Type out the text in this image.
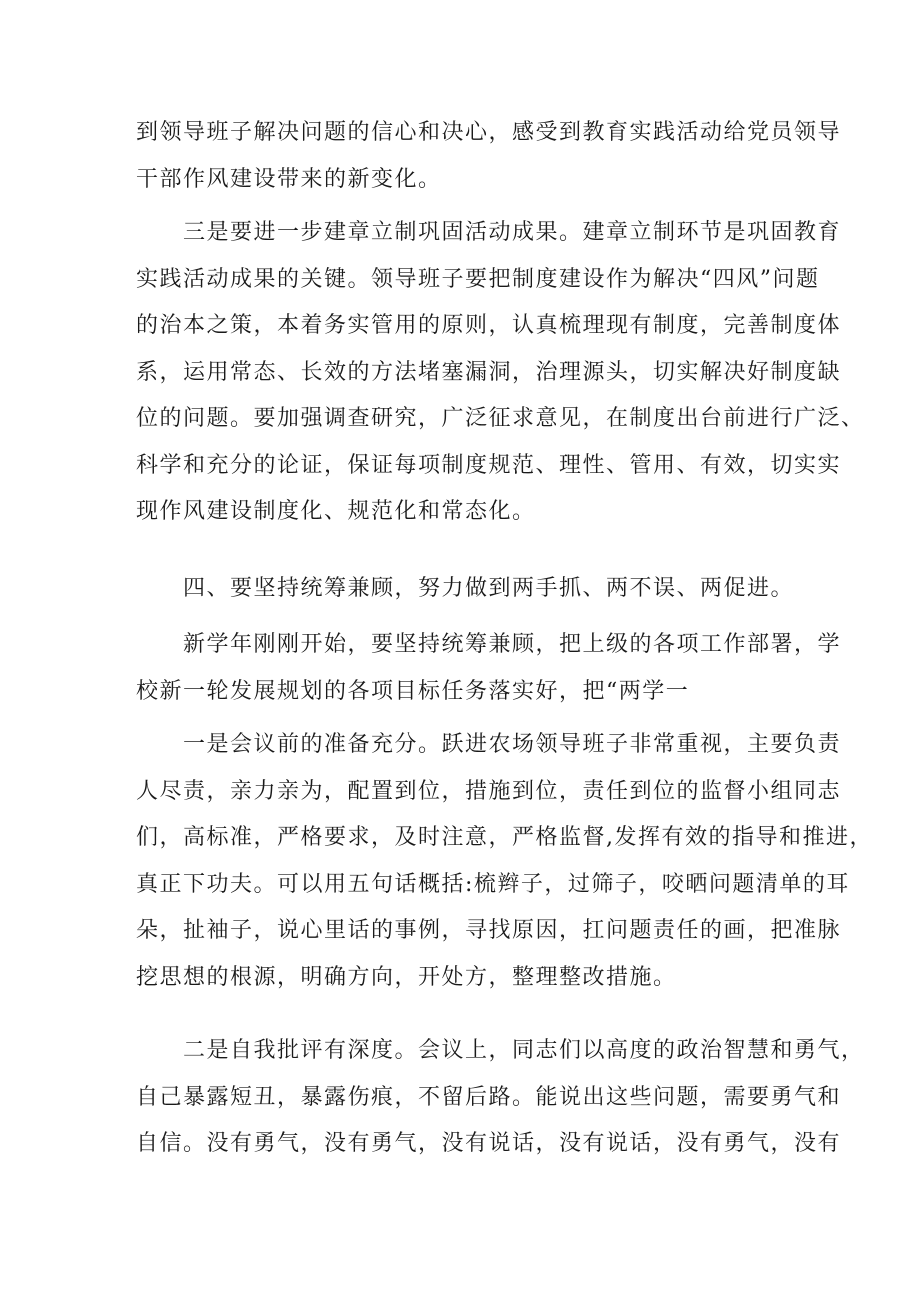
到领导班子解决问题的信心和决心，感受到教育实践活动给党员领导
干部作风建设带来的新变化。
　　三是要进一步建章立制巩固活动成果。建章立制环节是巩固教育
实践活动成果的关键。领导班子要把制度建设作为解决“四风”问题
的治本之策，本着务实管用的原则，认真梳理现有制度，完善制度体
系，运用常态、长效的方法堵塞漏洞，治理源头，切实解决好制度缺
位的问题。要加强调查研究，广泛征求意见，在制度出台前进行广泛、
科学和充分的论证，保证每项制度规范、理性、管用、有效，切实实
现作风建设制度化、规范化和常态化。
　　四、要坚持统筹兼顾，努力做到两手抓、两不误、两促进。
　　新学年刚刚开始，要坚持统筹兼顾，把上级的各项工作部署，学
校新一轮发展规划的各项目标任务落实好，把“两学一
　　一是会议前的准备充分。跃进农场领导班子非常重视，主要负责
人尽责，亲力亲为，配置到位，措施到位，责任到位的监督小组同志
们，高标准，严格要求，及时注意，严格监督,发挥有效的指导和推进，
真正下功夫。可以用五句话概括:梳辫子，过筛子，咬晒问题清单的耳
朵，扯袖子，说心里话的事例，寻找原因，扛问题责任的画，把准脉
挖思想的根源，明确方向，开处方，整理整改措施。
　　二是自我批评有深度。会议上，同志们以高度的政治智慧和勇气，
自己暴露短丑，暴露伤痕，不留后路。能说出这些问题，需要勇气和
自信。没有勇气，没有勇气，没有说话，没有说话，没有勇气，没有
